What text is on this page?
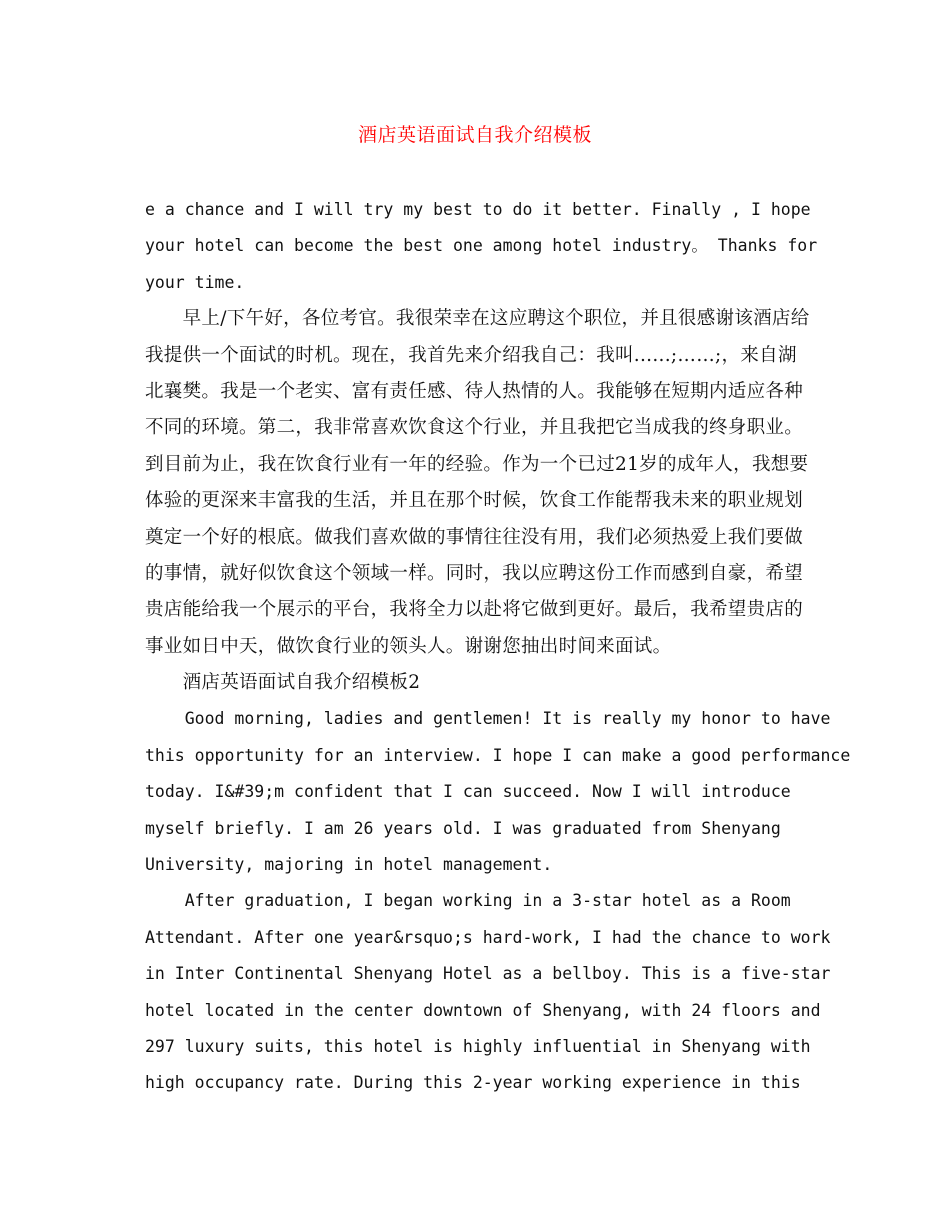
酒店英语面试自我介绍模板
e a chance and I will try my best to do it better. Finally , I hope
your hotel can become the best one among hotel industry。 Thanks for
your time.
　　早上/下午好，各位考官。我很荣幸在这应聘这个职位，并且很感谢该酒店给
我提供一个面试的时机。现在，我首先来介绍我自己：我叫......;……;，来自湖
北襄樊。我是一个老实、富有责任感、待人热情的人。我能够在短期内适应各种
不同的环境。第二，我非常喜欢饮食这个行业，并且我把它当成我的终身职业。
到目前为止，我在饮食行业有一年的经验。作为一个已过21岁的成年人，我想要
体验的更深来丰富我的生活，并且在那个时候，饮食工作能帮我未来的职业规划
奠定一个好的根底。做我们喜欢做的事情往往没有用，我们必须热爱上我们要做
的事情，就好似饮食这个领域一样。同时，我以应聘这份工作而感到自豪，希望
贵店能给我一个展示的平台，我将全力以赴将它做到更好。最后，我希望贵店的
事业如日中天，做饮食行业的领头人。谢谢您抽出时间来面试。
　　酒店英语面试自我介绍模板2
Good morning, ladies and gentlemen! It is really my honor to have
this opportunity for an interview. I hope I can make a good performance
today. I&#39;m confident that I can succeed. Now I will introduce
myself briefly. I am 26 years old. I was graduated from Shenyang
University, majoring in hotel management.
After graduation, I began working in a 3-star hotel as a Room
Attendant. After one year&rsquo;s hard-work, I had the chance to work
in Inter Continental Shenyang Hotel as a bellboy. This is a five-star
hotel located in the center downtown of Shenyang, with 24 floors and
297 luxury suits, this hotel is highly influential in Shenyang with
high occupancy rate. During this 2-year working experience in this
